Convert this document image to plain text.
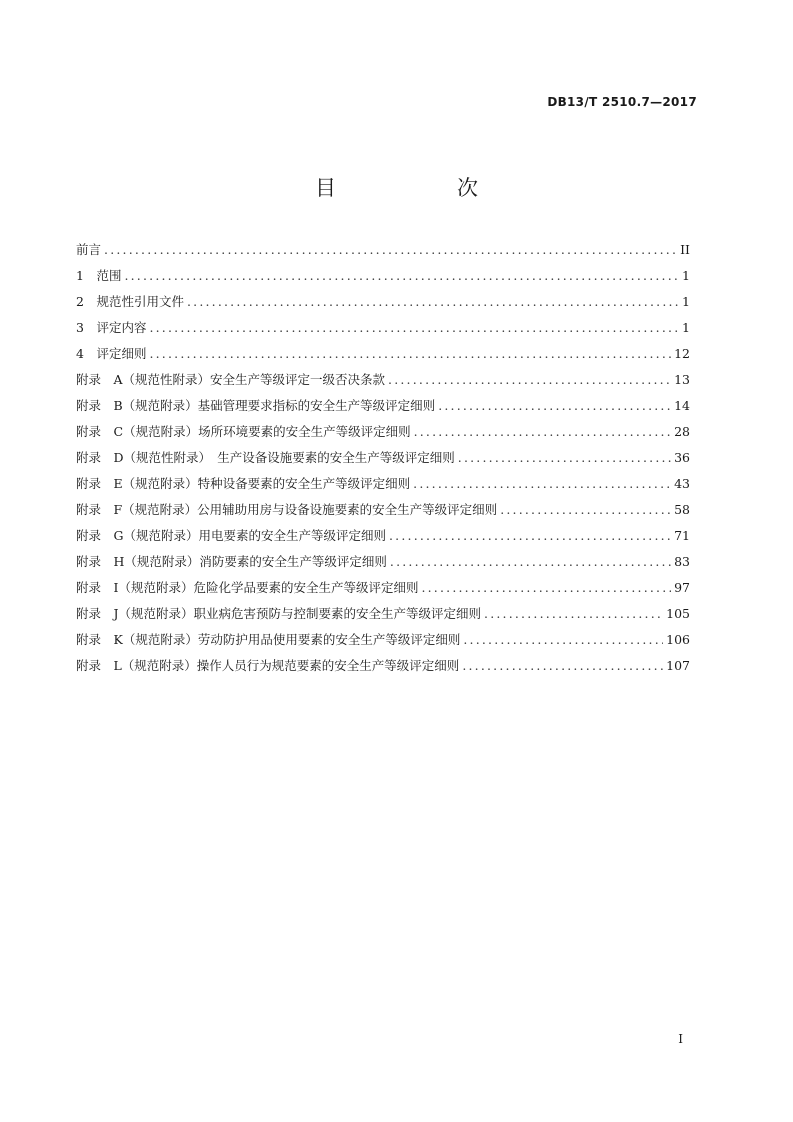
DB13/T 2510.7—2017
目　次
前言 .....	II
1　范围 .....	1
2　规范性引用文件 .....	1
3　评定内容 .....	1
4　评定细则 .....	12
附录　A（规范性附录）安全生产等级评定一级否决条款 .....	13
附录　B（规范附录）基础管理要求指标的安全生产等级评定细则 .....	14
附录　C（规范附录）场所环境要素的安全生产等级评定细则 .....	28
附录　D（规范性附录）　生产设备设施要素的安全生产等级评定细则 .....	36
附录　E（规范附录）特种设备要素的安全生产等级评定细则 .....	43
附录　F（规范附录）公用辅助用房与设备设施要素的安全生产等级评定细则 .....	58
附录　G（规范附录）用电要素的安全生产等级评定细则 .....	71
附录　H（规范附录）消防要素的安全生产等级评定细则 .....	83
附录　I（规范附录）危险化学品要素的安全生产等级评定细则 .....	97
附录　J（规范附录）职业病危害预防与控制要素的安全生产等级评定细则 .....	105
附录　K（规范附录）劳动防护用品使用要素的安全生产等级评定细则 .....	106
附录　L（规范附录）操作人员行为规范要素的安全生产等级评定细则 .....	107
I
